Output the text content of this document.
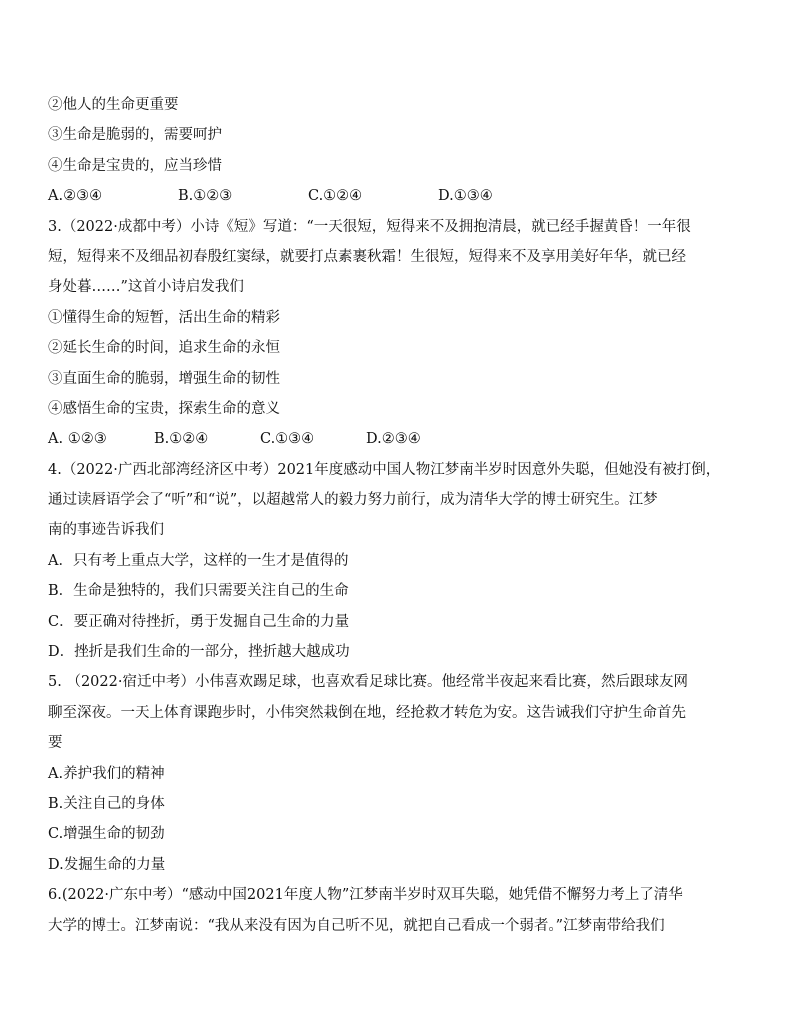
②他人的生命更重要
③生命是脆弱的，需要呵护
④生命是宝贵的，应当珍惜
A.②③④	B.①②③	C.①②④	D.①③④
3.（2022·成都中考）小诗《短》写道：“一天很短，短得来不及拥抱清晨，就已经手握黄昏！一年很
短，短得来不及细品初春殷红窦绿，就要打点素裹秋霜！生很短，短得来不及享用美好年华，就已经
身处暮……”这首小诗启发我们
①懂得生命的短暂，活出生命的精彩
②延长生命的时间，追求生命的永恒
③直面生命的脆弱，增强生命的韧性
④感悟生命的宝贵，探索生命的意义
A. ①②③	B.①②④	C.①③④	D.②③④
4.（2022·广西北部湾经济区中考）2021年度感动中国人物江梦南半岁时因意外失聪，但她没有被打倒，
通过读唇语学会了“听”和“说”，以超越常人的毅力努力前行，成为清华大学的博士研究生。江梦
南的事迹告诉我们
A．只有考上重点大学，这样的一生才是值得的
B．生命是独特的，我们只需要关注自己的生命
C．要正确对待挫折，勇于发掘自己生命的力量
D．挫折是我们生命的一部分，挫折越大越成功
5. （2022·宿迁中考）小伟喜欢踢足球，也喜欢看足球比赛。他经常半夜起来看比赛，然后跟球友网
聊至深夜。一天上体育课跑步时，小伟突然栽倒在地，经抢救才转危为安。这告诫我们守护生命首先
要
A.养护我们的精神
B.关注自己的身体
C.增强生命的韧劲
D.发掘生命的力量
6.(2022·广东中考）“感动中国2021年度人物”江梦南半岁时双耳失聪，她凭借不懈努力考上了清华
大学的博士。江梦南说：“我从来没有因为自己听不见，就把自己看成一个弱者。”江梦南带给我们
